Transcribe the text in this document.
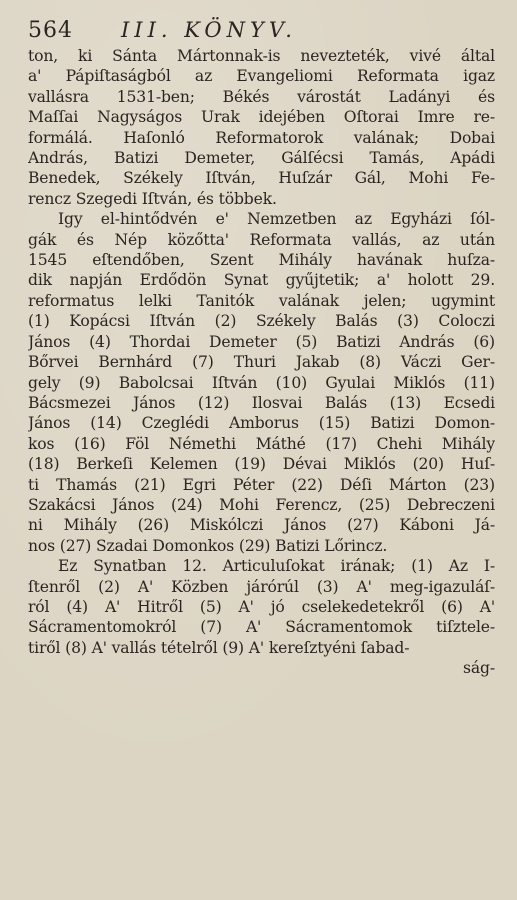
564 III. KÖNYV.
ton, ki Sánta Mártonnak-is nevezteték, vivé által
a' Pápiſtaságból az Evangeliomi Reformata igaz
vallásra 1531-ben; Békés várostát Ladányi és
Maſſai Nagyságos Urak idejében Oſtorai Imre re-
formálá. Haſonló Reformatorok valának; Dobai
András, Batizi Demeter, Gálſécsi Tamás, Apádi
Benedek, Székely Iſtván, Huſzár Gál, Mohi Fe-
rencz Szegedi Iſtván, és többek.
Igy el-hintődvén e' Nemzetben az Egyházi ſól-
gák és Nép közőtta' Reformata vallás, az után
1545 eſtendőben, Szent Mihály havának huſza-
dik napján Erdődön Synat gyűjtetik; a' holott 29.
reformatus lelki Tanitók valának jelen; ugymint
(1) Kopácsi Iſtván (2) Székely Balás (3) Coloczi
János (4) Thordai Demeter (5) Batizi András (6)
Bőrvei Bernhárd (7) Thuri Jakab (8) Váczi Ger-
gely (9) Babolcsai Iſtván (10) Gyulai Miklós (11)
Bácsmezei János (12) Ilosvai Balás (13) Ecsedi
János (14) Czeglédi Amborus (15) Batizi Domon-
kos (16) Föl Némethi Máthé (17) Chehi Mihály
(18) Berkeſi Kelemen (19) Dévai Miklós (20) Huſ-
ti Thamás (21) Egri Péter (22) Déſi Márton (23)
Szakácsi János (24) Mohi Ferencz, (25) Debreczeni
ni Mihály (26) Miskólczi János (27) Káboni Já-
nos (27) Szadai Domonkos (29) Batizi Lőrincz.
Ez Synatban 12. Articuluſokat irának; (1) Az I-
ſtenről (2) A' Közben járórúl (3) A' meg-igazuláſ-
ról (4) A' Hitről (5) A' jó cselekedetekről (6) A'
Sácramentomokról (7) A' Sácramentomok tiſztele-
tiről (8) A' vallás tételről (9) A' kereſztyéni ſabad-
ság-
